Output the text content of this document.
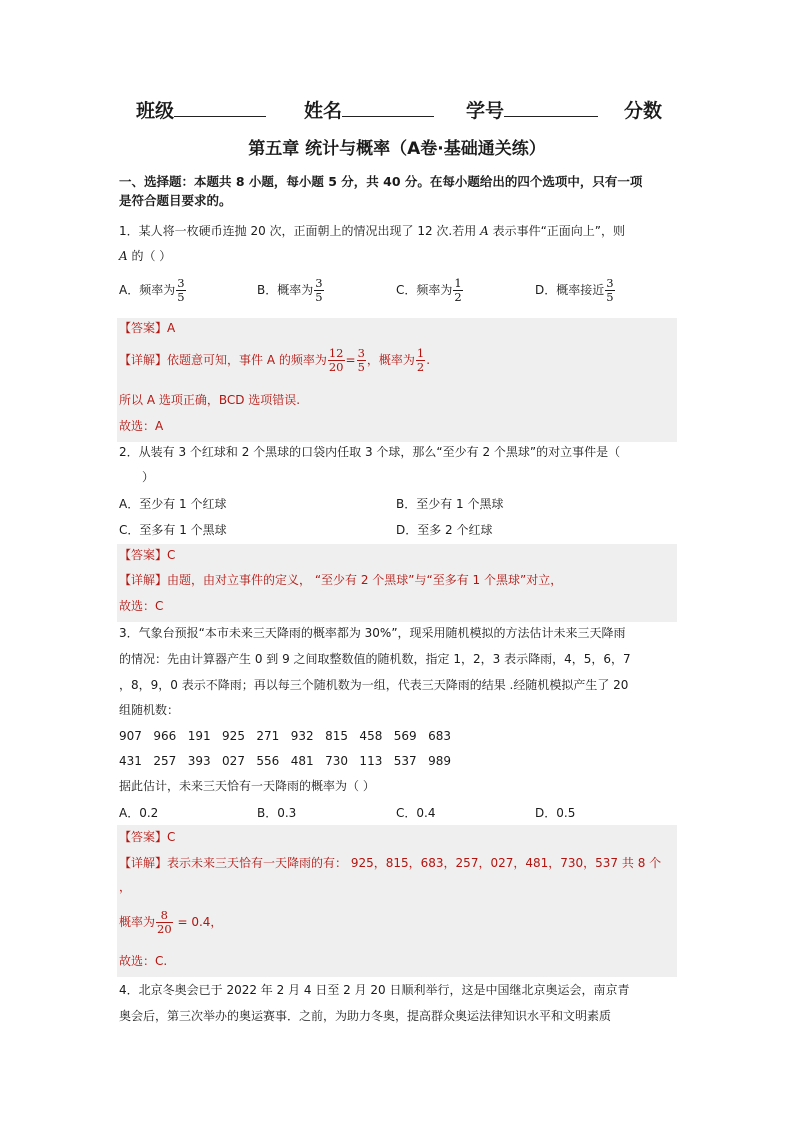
班级	姓名	学号	分数
第五章 统计与概率（A卷·基础通关练）
一、选择题：本题共 8 小题，每小题 5 分，共 40 分。在每小题给出的四个选项中，只有一项
是符合题目要求的。
1．某人将一枚硬币连抛 20 次，正面朝上的情况出现了 12 次.若用 A 表示事件“正面向上”，则
A 的（ ）
A．频率为 $\frac{3}{5}$	B．概率为 $\frac{3}{5}$	C．频率为 $\frac{1}{2}$	D．概率接近 $\frac{3}{5}$
【答案】A
【详解】依题意可知，事件 A 的频率为 $\frac{12}{20} = \frac{3}{5}$ ，概率为 $\frac{1}{2}$ .
所以 A 选项正确，BCD 选项错误.
故选：A
2．从装有 3 个红球和 2 个黑球的口袋内任取 3 个球，那么“至少有 2 个黑球”的对立事件是（
）
A．至少有 1 个红球	B．至少有 1 个黑球
C．至多有 1 个黑球	D．至多 2 个红球
【答案】C
【详解】由题，由对立事件的定义， “至少有 2 个黑球”与“至多有 1 个黑球”对立，
故选：C
3．气象台预报“本市未来三天降雨的概率都为 30%”，现采用随机模拟的方法估计未来三天降雨
的情况：先由计算器产生 0 到 9 之间取整数值的随机数，指定 1，2，3 表示降雨，4，5，6，7
，8，9，0 表示不降雨；再以每三个随机数为一组，代表三天降雨的结果 .经随机模拟产生了 20
组随机数：
907   966   191   925   271   932   815   458   569   683
431   257   393   027   556   481   730   113   537   989
据此估计，未来三天恰有一天降雨的概率为（ ）
A．0.2	B．0.3	C．0.4	D．0.5
【答案】C
【详解】表示未来三天恰有一天降雨的有： 925，815，683，257，027，481，730，537 共 8 个
，
概率为 $\frac{8}{20} = 0.4$，
故选：C.
4．北京冬奥会已于 2022 年 2 月 4 日至 2 月 20 日顺利举行，这是中国继北京奥运会，南京青
奥会后，第三次举办的奥运赛事．之前，为助力冬奥，提高群众奥运法律知识水平和文明素质
